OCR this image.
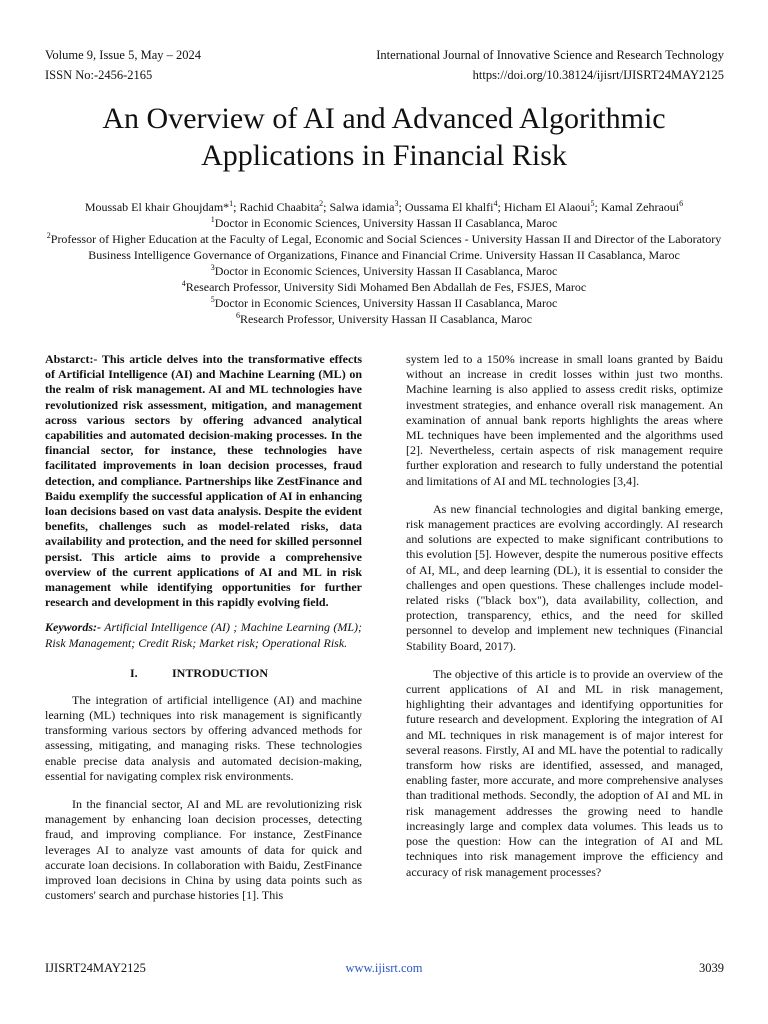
Volume 9, Issue 5, May – 2024
ISSN No:-2456-2165
International Journal of Innovative Science and Research Technology
https://doi.org/10.38124/ijisrt/IJISRT24MAY2125
An Overview of AI and Advanced Algorithmic
Applications in Financial Risk
Moussab El khair Ghoujdam*$^1$; Rachid Chaabita$^2$; Salwa idamia$^3$; Oussama El khalfi$^4$; Hicham El Alaoui$^5$; Kamal Zehraoui$^6$
$^1$Doctor in Economic Sciences, University Hassan II Casablanca, Maroc
$^2$Professor of Higher Education at the Faculty of Legal, Economic and Social Sciences - University Hassan II and Director of the Laboratory Business Intelligence Governance of Organizations, Finance and Financial Crime. University Hassan II Casablanca, Maroc
$^3$Doctor in Economic Sciences, University Hassan II Casablanca, Maroc
$^4$Research Professor, University Sidi Mohamed Ben Abdallah de Fes, FSJES, Maroc
$^5$Doctor in Economic Sciences, University Hassan II Casablanca, Maroc
$^6$Research Professor, University Hassan II Casablanca, Maroc
Abstarct:- This article delves into the transformative effects of Artificial Intelligence (AI) and Machine Learning (ML) on the realm of risk management. AI and ML technologies have revolutionized risk assessment, mitigation, and management across various sectors by offering advanced analytical capabilities and automated decision-making processes. In the financial sector, for instance, these technologies have facilitated improvements in loan decision processes, fraud detection, and compliance. Partnerships like ZestFinance and Baidu exemplify the successful application of AI in enhancing loan decisions based on vast data analysis. Despite the evident benefits, challenges such as model-related risks, data availability and protection, and the need for skilled personnel persist. This article aims to provide a comprehensive overview of the current applications of AI and ML in risk management while identifying opportunities for further research and development in this rapidly evolving field.
Keywords:- Artificial Intelligence (AI) ; Machine Learning (ML); Risk Management; Credit Risk; Market risk; Operational Risk.
I.	INTRODUCTION
The integration of artificial intelligence (AI) and machine learning (ML) techniques into risk management is significantly transforming various sectors by offering advanced methods for assessing, mitigating, and managing risks. These technologies enable precise data analysis and automated decision-making, essential for navigating complex risk environments.
In the financial sector, AI and ML are revolutionizing risk management by enhancing loan decision processes, detecting fraud, and improving compliance. For instance, ZestFinance leverages AI to analyze vast amounts of data for quick and accurate loan decisions. In collaboration with Baidu, ZestFinance improved loan decisions in China by using data points such as customers' search and purchase histories [1]. This
system led to a 150% increase in small loans granted by Baidu without an increase in credit losses within just two months. Machine learning is also applied to assess credit risks, optimize investment strategies, and enhance overall risk management. An examination of annual bank reports highlights the areas where ML techniques have been implemented and the algorithms used [2]. Nevertheless, certain aspects of risk management require further exploration and research to fully understand the potential and limitations of AI and ML technologies [3,4].
As new financial technologies and digital banking emerge, risk management practices are evolving accordingly. AI research and solutions are expected to make significant contributions to this evolution [5]. However, despite the numerous positive effects of AI, ML, and deep learning (DL), it is essential to consider the challenges and open questions. These challenges include model-related risks ("black box"), data availability, collection, and protection, transparency, ethics, and the need for skilled personnel to develop and implement new techniques (Financial Stability Board, 2017).
The objective of this article is to provide an overview of the current applications of AI and ML in risk management, highlighting their advantages and identifying opportunities for future research and development. Exploring the integration of AI and ML techniques in risk management is of major interest for several reasons. Firstly, AI and ML have the potential to radically transform how risks are identified, assessed, and managed, enabling faster, more accurate, and more comprehensive analyses than traditional methods. Secondly, the adoption of AI and ML in risk management addresses the growing need to handle increasingly large and complex data volumes. This leads us to pose the question: How can the integration of AI and ML techniques into risk management improve the efficiency and accuracy of risk management processes?
IJISRT24MAY2125	www.ijisrt.com	3039
